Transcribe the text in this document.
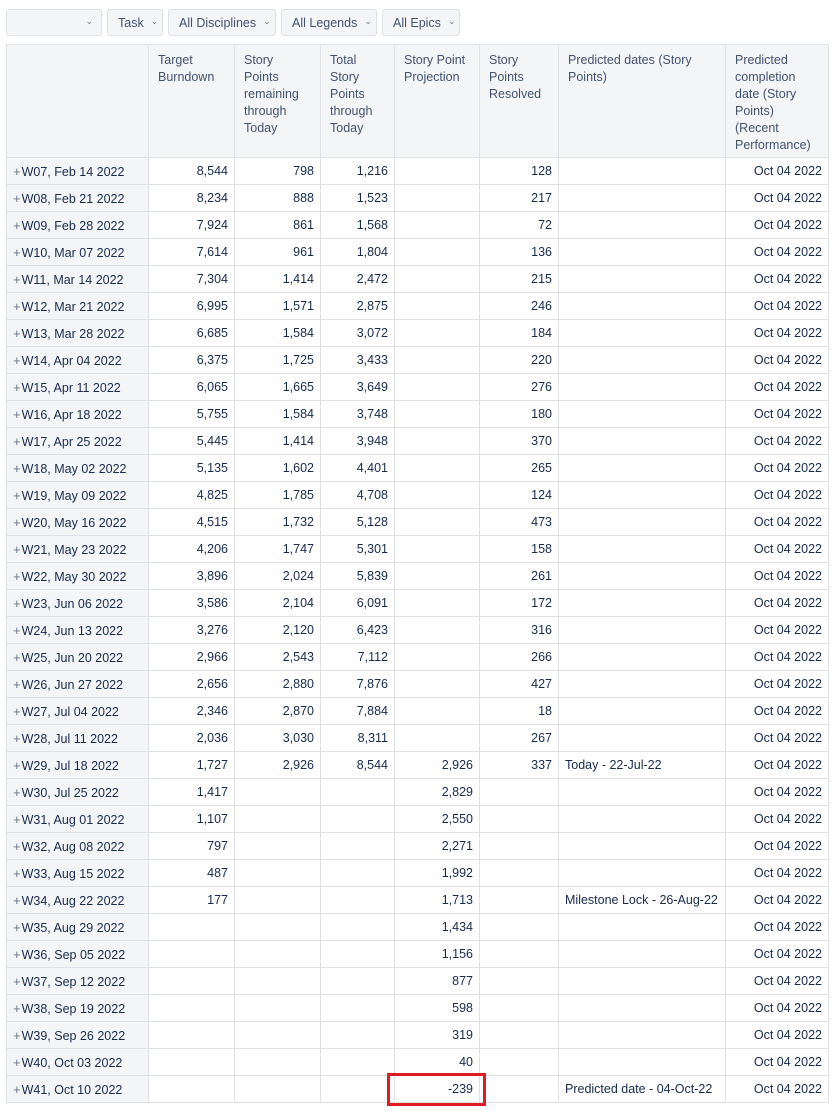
⌄ Task ⌄ All Disciplines ⌄ All Legends ⌄ All Epics ⌄
	Target Burndown	Story Points remaining through Today	Total Story Points through Today	Story Point Projection	Story Points Resolved	Predicted dates (Story Points)	Predicted completion date (Story Points) (Recent Performance)
+W07, Feb 14 2022	8,544	798	1,216		128		Oct 04 2022
+W08, Feb 21 2022	8,234	888	1,523		217		Oct 04 2022
+W09, Feb 28 2022	7,924	861	1,568		72		Oct 04 2022
+W10, Mar 07 2022	7,614	961	1,804		136		Oct 04 2022
+W11, Mar 14 2022	7,304	1,414	2,472		215		Oct 04 2022
+W12, Mar 21 2022	6,995	1,571	2,875		246		Oct 04 2022
+W13, Mar 28 2022	6,685	1,584	3,072		184		Oct 04 2022
+W14, Apr 04 2022	6,375	1,725	3,433		220		Oct 04 2022
+W15, Apr 11 2022	6,065	1,665	3,649		276		Oct 04 2022
+W16, Apr 18 2022	5,755	1,584	3,748		180		Oct 04 2022
+W17, Apr 25 2022	5,445	1,414	3,948		370		Oct 04 2022
+W18, May 02 2022	5,135	1,602	4,401		265		Oct 04 2022
+W19, May 09 2022	4,825	1,785	4,708		124		Oct 04 2022
+W20, May 16 2022	4,515	1,732	5,128		473		Oct 04 2022
+W21, May 23 2022	4,206	1,747	5,301		158		Oct 04 2022
+W22, May 30 2022	3,896	2,024	5,839		261		Oct 04 2022
+W23, Jun 06 2022	3,586	2,104	6,091		172		Oct 04 2022
+W24, Jun 13 2022	3,276	2,120	6,423		316		Oct 04 2022
+W25, Jun 20 2022	2,966	2,543	7,112		266		Oct 04 2022
+W26, Jun 27 2022	2,656	2,880	7,876		427		Oct 04 2022
+W27, Jul 04 2022	2,346	2,870	7,884		18		Oct 04 2022
+W28, Jul 11 2022	2,036	3,030	8,311		267		Oct 04 2022
+W29, Jul 18 2022	1,727	2,926	8,544	2,926	337	Today - 22-Jul-22	Oct 04 2022
+W30, Jul 25 2022	1,417			2,829			Oct 04 2022
+W31, Aug 01 2022	1,107			2,550			Oct 04 2022
+W32, Aug 08 2022	797			2,271			Oct 04 2022
+W33, Aug 15 2022	487			1,992			Oct 04 2022
+W34, Aug 22 2022	177			1,713		Milestone Lock - 26-Aug-22	Oct 04 2022
+W35, Aug 29 2022				1,434			Oct 04 2022
+W36, Sep 05 2022				1,156			Oct 04 2022
+W37, Sep 12 2022				877			Oct 04 2022
+W38, Sep 19 2022				598			Oct 04 2022
+W39, Sep 26 2022				319			Oct 04 2022
+W40, Oct 03 2022				40			Oct 04 2022
+W41, Oct 10 2022				-239		Predicted date - 04-Oct-22	Oct 04 2022
